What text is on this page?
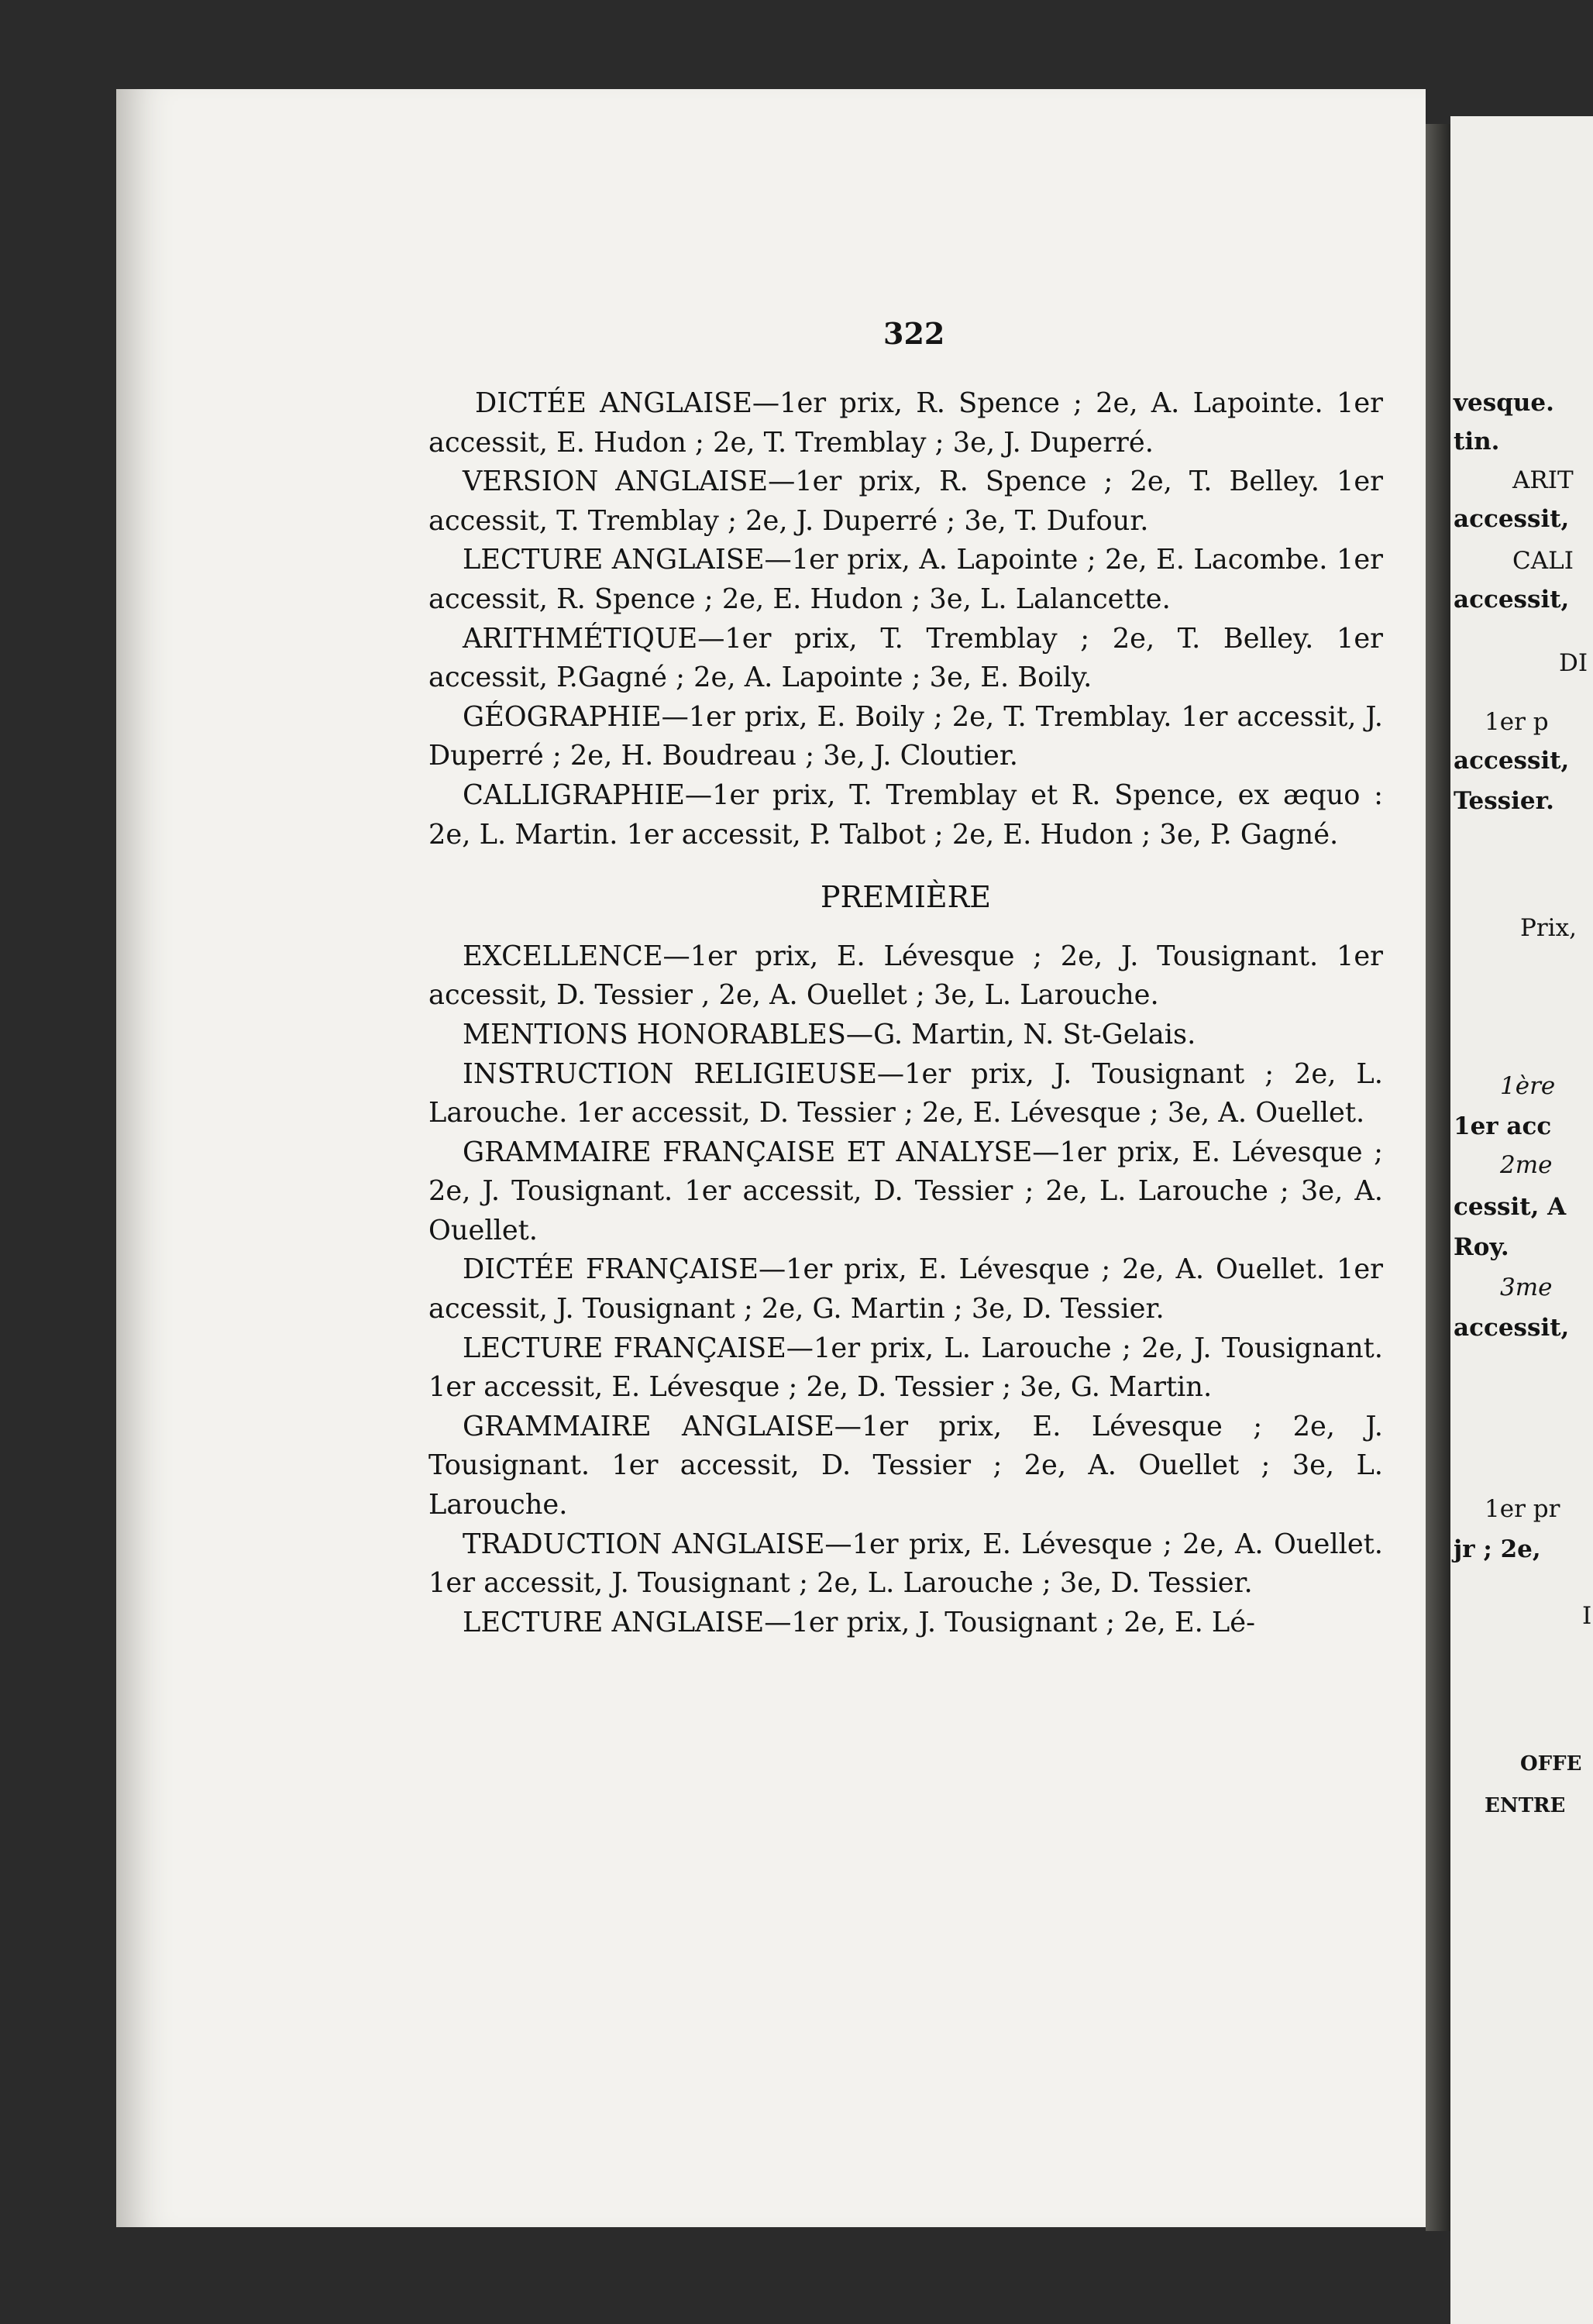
vesque.
tin.
ARIT
accessit,
CALI
accessit,
DI
1er p
accessit,
Tessier.
Prix,
1ère
1er acc
2me
cessit, A
Roy.
3me
accessit,
1er pr
jr ; 2e,
I
OFFE
ENTRE
322

DICTÉE ANGLAISE—1er prix, R. Spence ; 2e, A. Lapointe. 1er accessit, E. Hudon ; 2e, T. Tremblay ; 3e, J. Duperré.

VERSION ANGLAISE—1er prix, R. Spence ; 2e, T. Belley. 1er accessit, T. Tremblay ; 2e, J. Duperré ; 3e, T. Dufour.

LECTURE ANGLAISE—1er prix, A. Lapointe ; 2e, E. Lacombe. 1er accessit, R. Spence ; 2e, E. Hudon ; 3e, L. Lalancette.

ARITHMÉTIQUE—1er prix, T. Tremblay ; 2e, T. Belley. 1er accessit, P.Gagné ; 2e, A. Lapointe ; 3e, E. Boily.

GÉOGRAPHIE—1er prix, E. Boily ; 2e, T. Tremblay. 1er accessit, J. Duperré ; 2e, H. Boudreau ; 3e, J. Cloutier.

CALLIGRAPHIE—1er prix, T. Tremblay et R. Spence, ex æquo : 2e, L. Martin. 1er accessit, P. Talbot ; 2e, E. Hudon ; 3e, P. Gagné.

PREMIÈRE

EXCELLENCE—1er prix, E. Lévesque ; 2e, J. Tousignant. 1er accessit, D. Tessier , 2e, A. Ouellet ; 3e, L. Larouche.

MENTIONS HONORABLES—G. Martin, N. St-Gelais.

INSTRUCTION RELIGIEUSE—1er prix, J. Tousignant ; 2e, L. Larouche. 1er accessit, D. Tessier ; 2e, E. Lévesque ; 3e, A. Ouellet.

GRAMMAIRE FRANÇAISE ET ANALYSE—1er prix, E. Lévesque ; 2e, J. Tousignant. 1er accessit, D. Tessier ; 2e, L. Larouche ; 3e, A. Ouellet.

DICTÉE FRANÇAISE—1er prix, E. Lévesque ; 2e, A. Ouellet. 1er accessit, J. Tousignant ; 2e, G. Martin ; 3e, D. Tessier.

LECTURE FRANÇAISE—1er prix, L. Larouche ; 2e, J. Tousignant. 1er accessit, E. Lévesque ; 2e, D. Tessier ; 3e, G. Martin.

GRAMMAIRE ANGLAISE—1er prix, E. Lévesque ; 2e, J. Tousignant. 1er accessit, D. Tessier ; 2e, A. Ouellet ; 3e, L. Larouche.

TRADUCTION ANGLAISE—1er prix, E. Lévesque ; 2e, A. Ouellet. 1er accessit, J. Tousignant ; 2e, L. Larouche ; 3e, D. Tessier.

LECTURE ANGLAISE—1er prix, J. Tousignant ; 2e, E. Lé-
